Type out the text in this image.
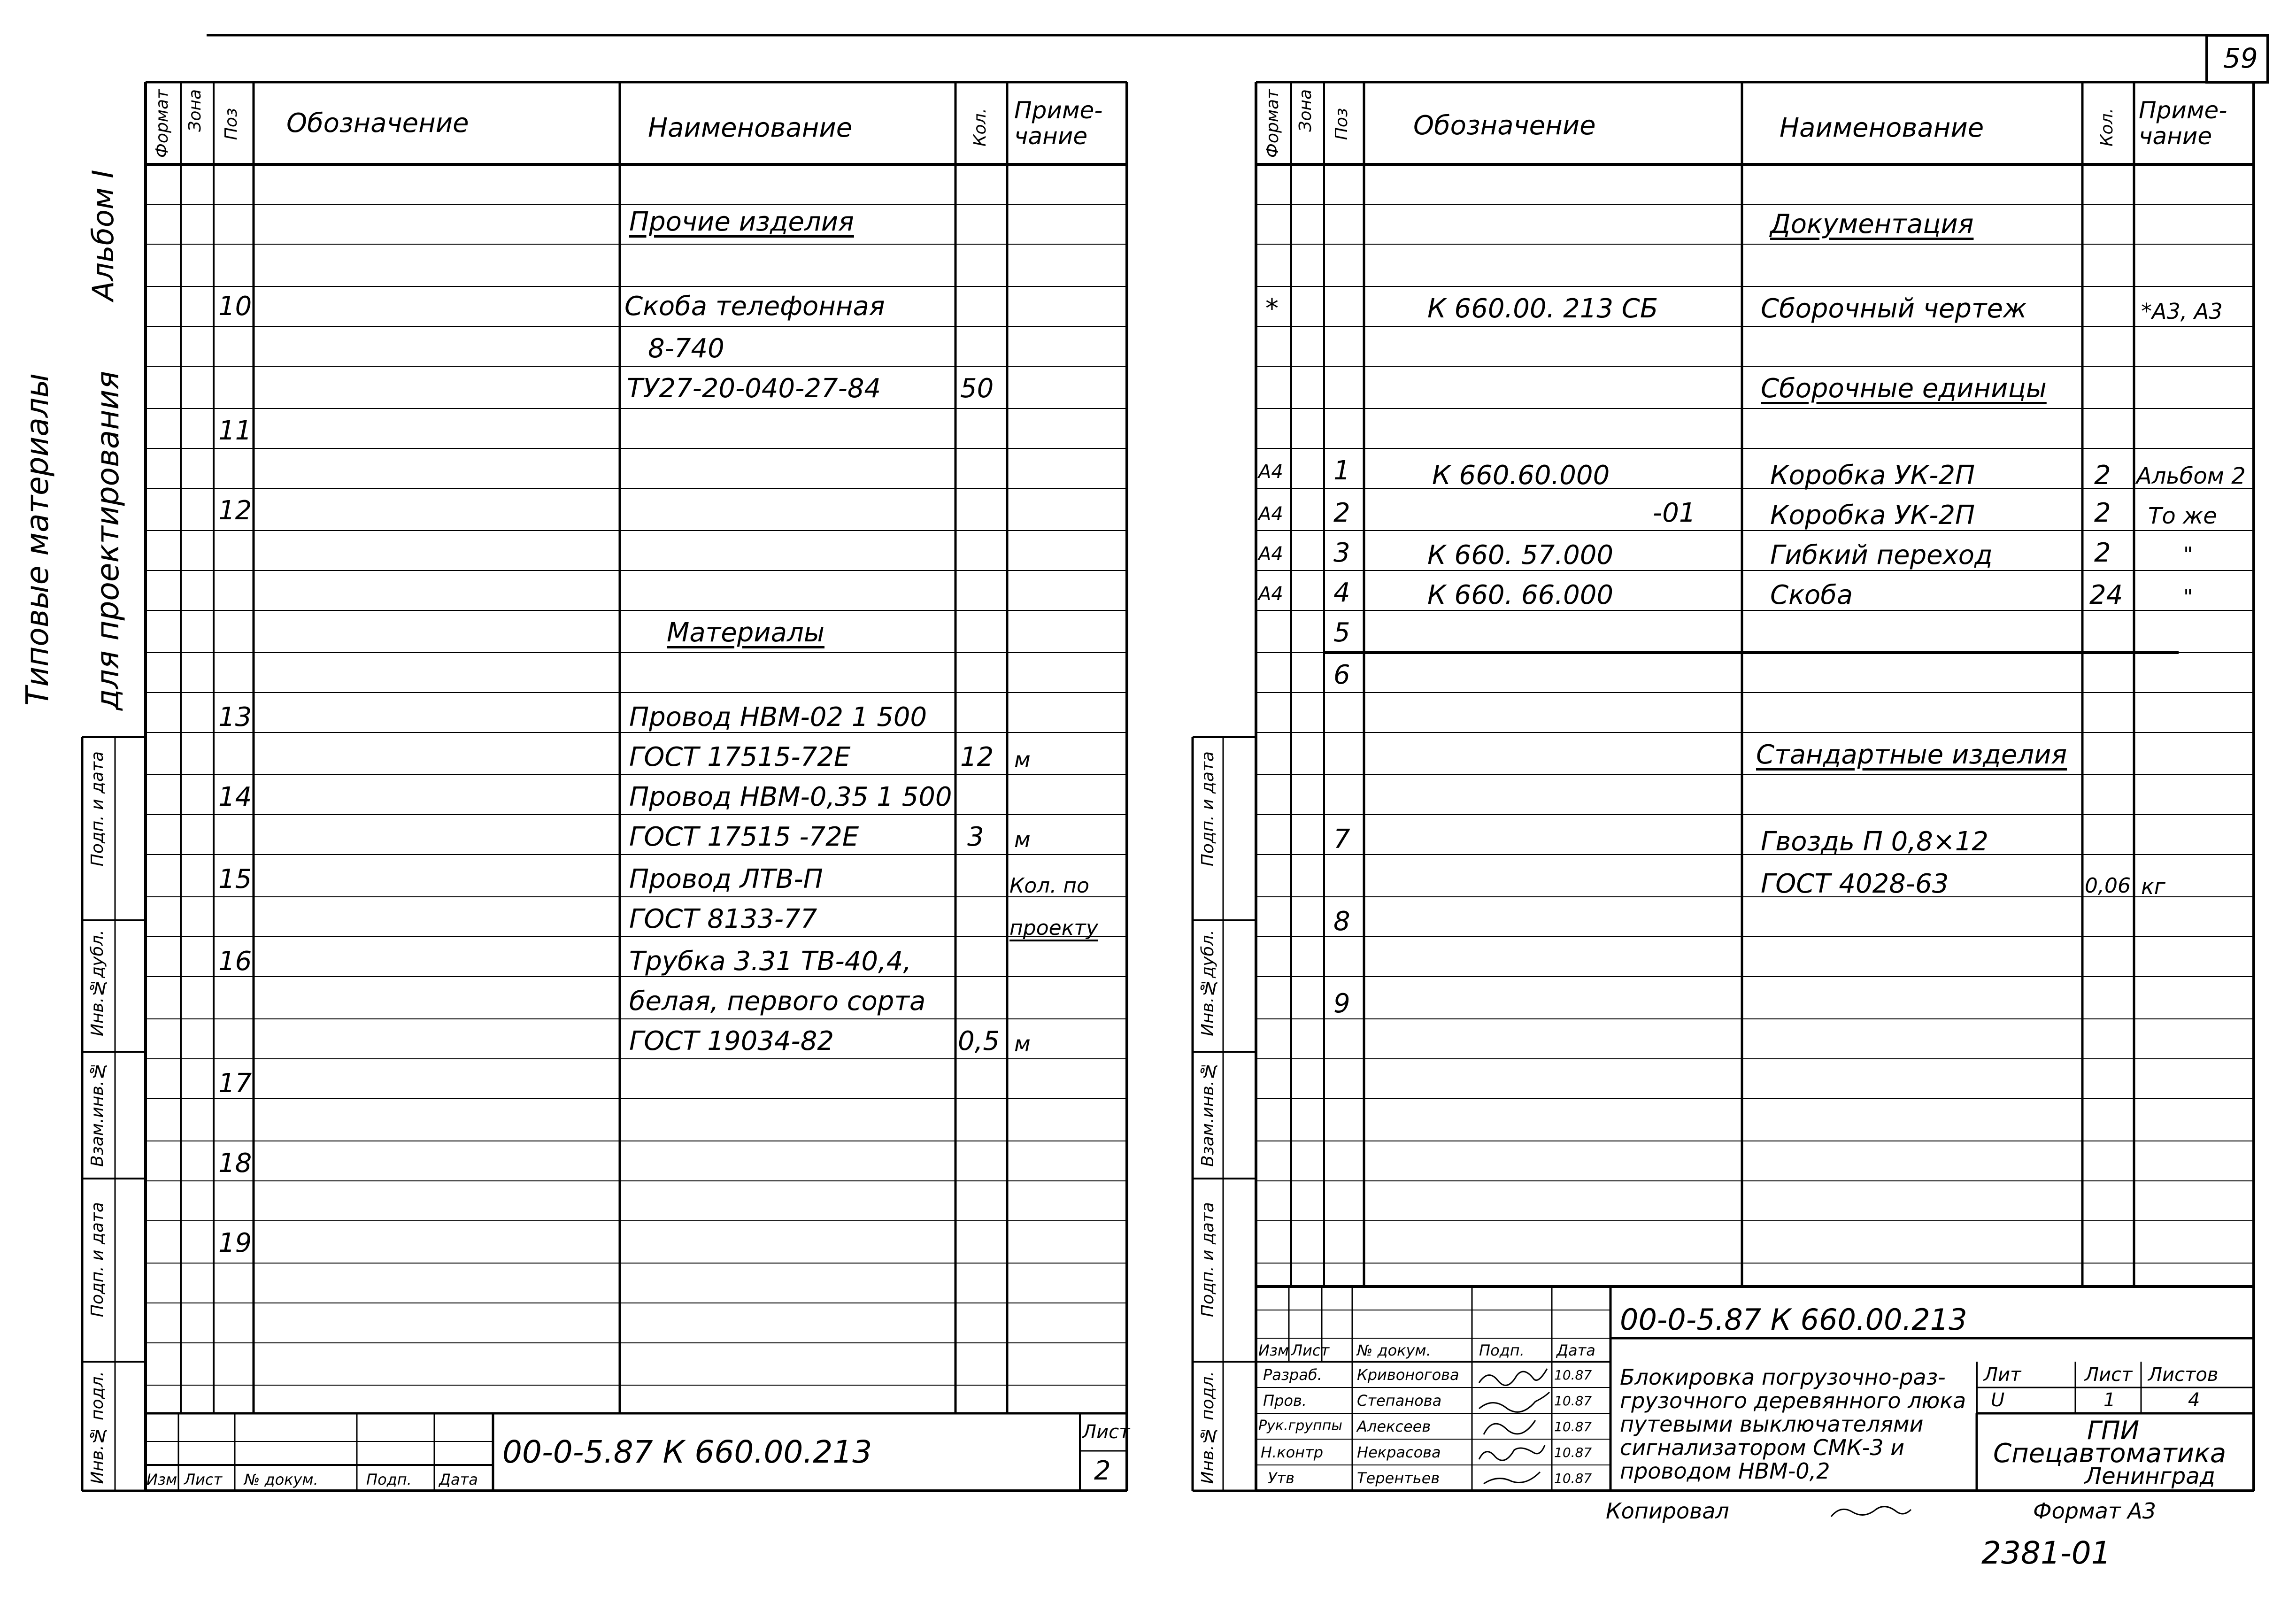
59
Альбом I
Типовые материалы для проектирования
Инв.№ подл.
Подп. и дата
Взам.инв.№
Инв.№дубл.
Подп. и дата
Инв.№ подл.
Подп. и дата
Взам.инв.№
Инв.№дубл.
Подп. и дата
Формат Зона Поз Обозначение	Наименование	Кол. Приме-
чание
Прочие изделия
10	Скоба телефонная
8-740
ТУ27-20-040-27-84	50
11
12
Материалы
13	Провод НВМ-02 1 500
ГОСТ 17515-72Е	12 м
14	Провод НВМ-0,35 1 500
ГОСТ 17515 -72Е	3 м
15	Провод ЛТВ-П	Кол. по
ГОСТ 8133-77	проекту
16	Трубка 3.31 ТВ-40,4,
белая, первого сорта
ГОСТ 19034-82	0,5 м
17
18
19
00-0-5.87 К 660.00.213
Лист
2
Изм Лист № докум.	Подп. Дата
Формат Зона Поз Обозначение	Наименование	Кол. Приме-
чание
Документация
*	К 660.00. 213 СБ	Сборочный чертеж	*А3, А3
Сборочные единицы
А4 1	К 660.60.000	Коробка УК-2П	2 Альбом 2
А4 2	-01	Коробка УК-2П	2 То же
А4 3	К 660. 57.000	Гибкий переход	2	"
А4 4	К 660. 66.000	Скоба	24	"
5
6
Стандартные изделия
7	Гвоздь П 0,8×12
ГОСТ 4028-63	0,06 кг
8
9
00-0-5.87 К 660.00.213
Изм Лист № докум.	Подп. Дата
Разраб. Кривоногова	10.87
Пров.	Степанова	10.87
Рук.группы Алексеев	10.87
Н.контр Некрасова	10.87
Утв	Терентьев	10.87
Блокировка погрузочно-раз-
грузочного деревянного люка
путевыми выключателями
сигнализатором СМК-3 и
проводом НВМ-0,2
Лит	Лист Листов
U	1	4
ГПИ
Спецавтоматика
Ленинград
Копировал	Формат А3
2381-01
